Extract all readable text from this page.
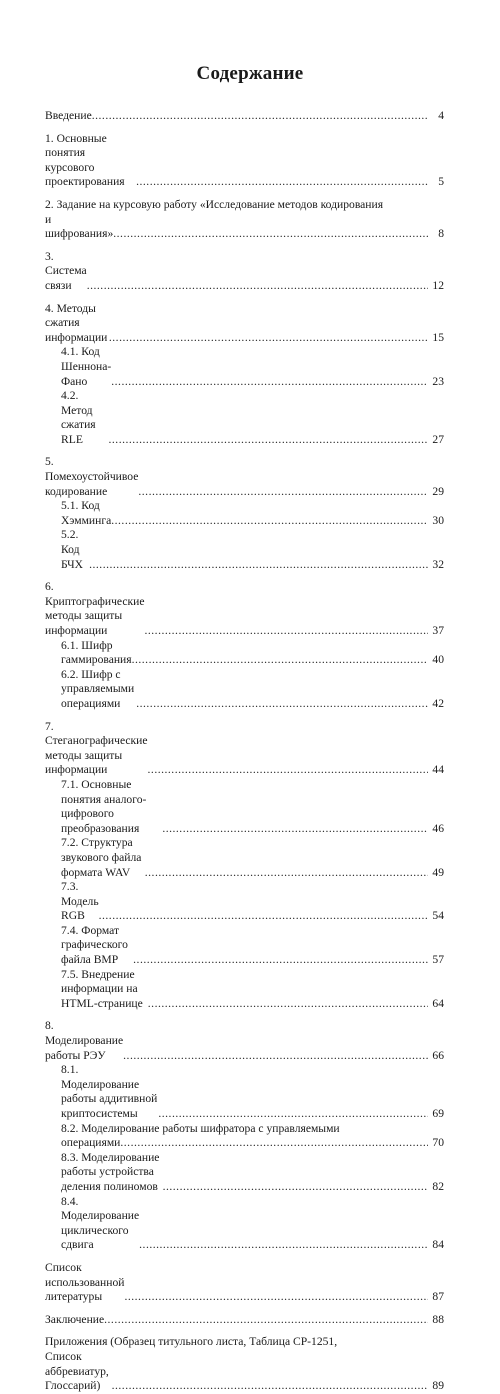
Содержание
Введение .....	4
1. Основные понятия курсового проектирования .....	5
2. Задание на курсовую работу «Исследование методов кодирования
и шифрования» .....	8
3. Система связи .....	12
4. Методы сжатия информации .....	15
4.1. Код Шеннона-Фано .....	23
4.2. Метод сжатия RLE .....	27
5. Помехоустойчивое кодирование .....	29
5.1. Код Хэмминга .....	30
5.2. Код БЧХ .....	32
6. Криптографические методы защиты информации .....	37
6.1. Шифр гаммирования .....	40
6.2. Шифр с управляемыми операциями .....	42
7. Стеганографические методы защиты информации .....	44
7.1. Основные понятия аналого-цифрового преобразования .....	46
7.2. Структура звукового файла формата WAV .....	49
7.3. Модель RGB .....	54
7.4. Формат графического файла BMP .....	57
7.5. Внедрение информации на HTML-странице .....	64
8. Моделирование работы РЭУ .....	66
8.1. Моделирование работы аддитивной криптосистемы .....	69
8.2. Моделирование работы шифратора с управляемыми
операциями .....	70
8.3. Моделирование работы устройства деления полиномов .....	82
8.4. Моделирование циклического сдвига .....	84
Список использованной литературы .....	87
Заключение .....	88
Приложения (Образец титульного листа, Таблица СР-1251,
Список аббревиатур, Глоссарий) .....	89
